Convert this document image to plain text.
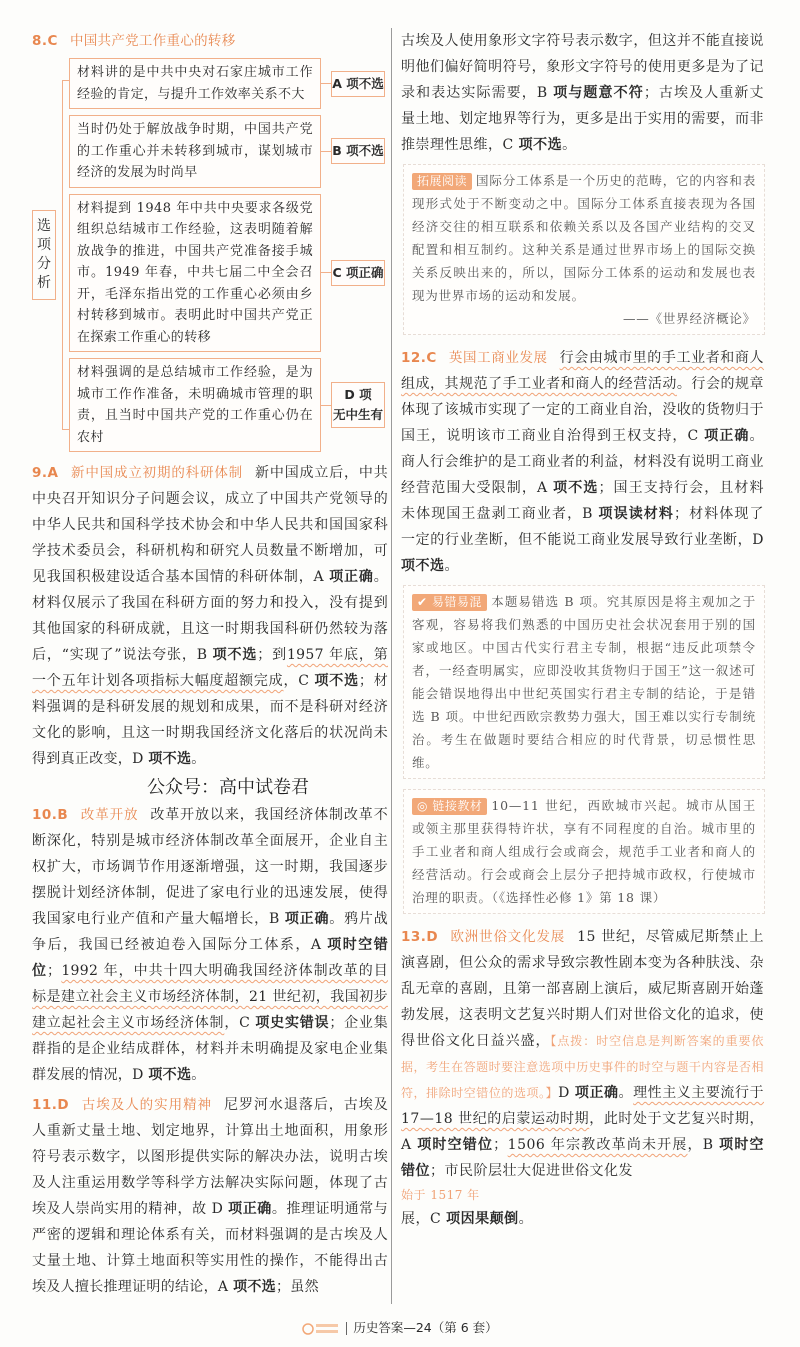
8.C 中国共产党工作重心的转移
选项分析
材料讲的是中共中央对石家庄城市工作经验的肯定，与提升工作效率关系不大
A 项不选
当时仍处于解放战争时期，中国共产党的工作重心并未转移到城市，谋划城市经济的发展为时尚早
B 项不选
材料提到 1948 年中共中央要求各级党组织总结城市工作经验，这表明随着解放战争的推进，中国共产党准备接手城市。1949 年春，中共七届二中全会召开，毛泽东指出党的工作重心必须由乡村转移到城市。表明此时中国共产党正在探索工作重心的转移
C 项正确
材料强调的是总结城市工作经验，是为城市工作作准备，未明确城市管理的职责，且当时中国共产党的工作重心仍在农村
D 项
无中生有

9.A 新中国成立初期的科研体制 新中国成立后，中共中央召开知识分子问题会议，成立了中国共产党领导的中华人民共和国科学技术协会和中华人民共和国国家科学技术委员会，科研机构和研究人员数量不断增加，可见我国积极建设适合基本国情的科研体制，A 项正确。材料仅展示了我国在科研方面的努力和投入，没有提到其他国家的科研成就，且这一时期我国科研仍然较为落后，“实现了”说法夸张，B 项不选；到1957 年底，第一个五年计划各项指标大幅度超额完成，C 项不选；材料强调的是科研发展的规划和成果，而不是科研对经济文化的影响，且这一时期我国经济文化落后的状况尚未得到真正改变，D 项不选。

公众号：高中试卷君

10.B 改革开放 改革开放以来，我国经济体制改革不断深化，特别是城市经济体制改革全面展开，企业自主权扩大，市场调节作用逐渐增强，这一时期，我国逐步摆脱计划经济体制，促进了家电行业的迅速发展，使得我国家电行业产值和产量大幅增长，B 项正确。鸦片战争后，我国已经被迫卷入国际分工体系，A 项时空错位；1992 年，中共十四大明确我国经济体制改革的目标是建立社会主义市场经济体制，21 世纪初，我国初步建立起社会主义市场经济体制，C 项史实错误；企业集群指的是企业结成群体，材料并未明确提及家电企业集群发展的情况，D 项不选。

11.D 古埃及人的实用精神 尼罗河水退落后，古埃及人重新丈量土地、划定地界，计算出土地面积，用象形符号表示数字，以图形提供实际的解决办法，说明古埃及人注重运用数学等科学方法解决实际问题，体现了古埃及人崇尚实用的精神，故 D 项正确。推理证明通常与严密的逻辑和理论体系有关，而材料强调的是古埃及人丈量土地、计算土地面积等实用性的操作，不能得出古埃及人擅长推理证明的结论，A 项不选；虽然

古埃及人使用象形文字符号表示数字，但这并不能直接说明他们偏好简明符号，象形文字符号的使用更多是为了记录和表达实际需要，B 项与题意不符；古埃及人重新丈量土地、划定地界等行为，更多是出于实用的需要，而非推崇理性思维，C 项不选。

拓展阅读 国际分工体系是一个历史的范畴，它的内容和表现形式处于不断变动之中。国际分工体系直接表现为各国经济交往的相互联系和依赖关系以及各国产业结构的交叉配置和相互制约。这种关系是通过世界市场上的国际交换关系反映出来的，所以，国际分工体系的运动和发展也表现为世界市场的运动和发展。
——《世界经济概论》

12.C 英国工商业发展 行会由城市里的手工业者和商人组成，其规范了手工业者和商人的经营活动。行会的规章体现了该城市实现了一定的工商业自治，没收的货物归于国王，说明该市工商业自治得到王权支持，C 项正确。商人行会维护的是工商业者的利益，材料没有说明工商业经营范围大受限制，A 项不选；国王支持行会，且材料未体现国王盘剥工商业者，B 项误读材料；材料体现了一定的行业垄断，但不能说工商业发展导致行业垄断，D 项不选。

✔ 易错易混 本题易错选 B 项。究其原因是将主观加之于客观，容易将我们熟悉的中国历史社会状况套用于别的国家或地区。中国古代实行君主专制，根据“违反此项禁令者，一经查明属实，应即没收其货物归于国王”这一叙述可能会错误地得出中世纪英国实行君主专制的结论，于是错选 B 项。中世纪西欧宗教势力强大，国王难以实行专制统治。考生在做题时要结合相应的时代背景，切忌惯性思维。
◎ 链接教材 10—11 世纪，西欧城市兴起。城市从国王或领主那里获得特许状，享有不同程度的自治。城市里的手工业者和商人组成行会或商会，规范手工业者和商人的经营活动。行会或商会上层分子把持城市政权，行使城市治理的职责。（《选择性必修 1》第 18 课）

13.D 欧洲世俗文化发展 15 世纪，尽管威尼斯禁止上演喜剧，但公众的需求导致宗教性剧本变为各种肤浅、杂乱无章的喜剧，且第一部喜剧上演后，威尼斯喜剧开始蓬勃发展，这表明文艺复兴时期人们对世俗文化的追求，使得世俗文化日益兴盛，【点拨：时空信息是判断答案的重要依据，考生在答题时要注意选项中历史事件的时空与题干内容是否相符，排除时空错位的选项。】D 项正确。理性主义主要流行于 17—18 世纪的启蒙运动时期，此时处于文艺复兴时期，A 项时空错位；1506 年宗教改革尚未开展，B 项时空错位；市民阶层壮大促进世俗文化发
始于 1517 年
展，C 项因果颠倒。

历史答案—24（第 6 套）
